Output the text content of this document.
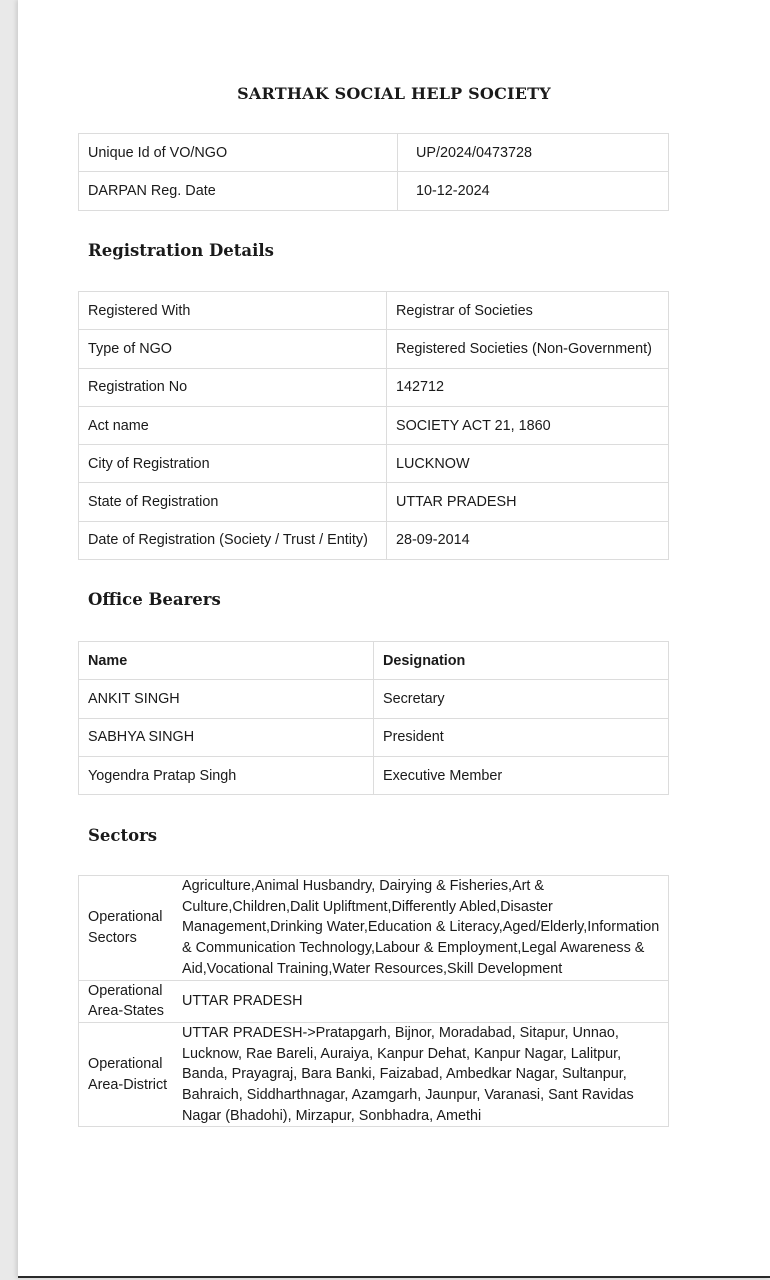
SARTHAK SOCIAL HELP SOCIETY
Unique Id of VO/NGO	UP/2024/0473728
DARPAN Reg. Date	10-12-2024
Registration Details
Registered With	Registrar of Societies
Type of NGO	Registered Societies (Non-Government)
Registration No	142712
Act name	SOCIETY ACT 21, 1860
City of Registration	LUCKNOW
State of Registration	UTTAR PRADESH
Date of Registration (Society / Trust / Entity)	28-09-2014
Office Bearers
Name	Designation
ANKIT SINGH	Secretary
SABHYA SINGH	President
Yogendra Pratap Singh	Executive Member
Sectors
Operational Sectors	Agriculture,Animal Husbandry, Dairying & Fisheries,Art & Culture,Children,Dalit Upliftment,Differently Abled,Disaster Management,Drinking Water,Education & Literacy,Aged/Elderly,Information & Communication Technology,Labour & Employment,Legal Awareness & Aid,Vocational Training,Water Resources,Skill Development
Operational Area-States	UTTAR PRADESH
Operational Area-District	UTTAR PRADESH->Pratapgarh, Bijnor, Moradabad, Sitapur, Unnao, Lucknow, Rae Bareli, Auraiya, Kanpur Dehat, Kanpur Nagar, Lalitpur, Banda, Prayagraj, Bara Banki, Faizabad, Ambedkar Nagar, Sultanpur, Bahraich, Siddharthnagar, Azamgarh, Jaunpur, Varanasi, Sant Ravidas Nagar (Bhadohi), Mirzapur, Sonbhadra, Amethi
